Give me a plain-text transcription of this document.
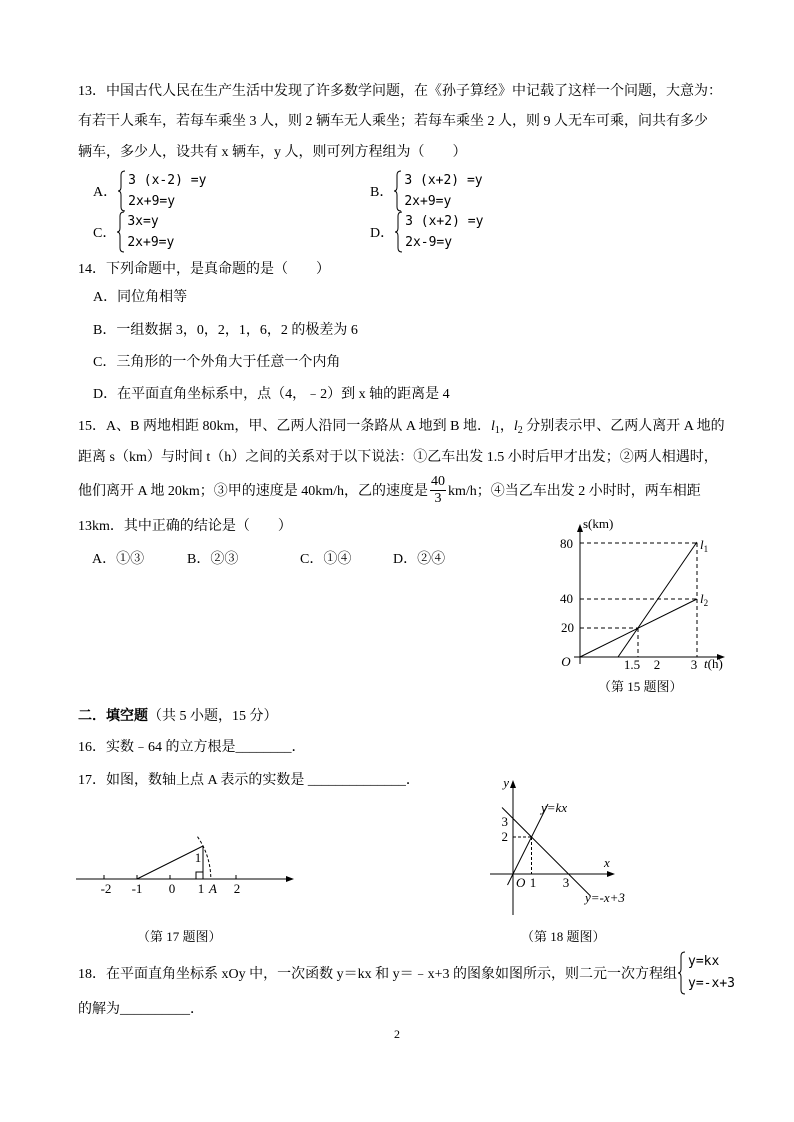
13．中国古代人民在生产生活中发现了许多数学问题，在《孙子算经》中记载了这样一个问题，大意为：
有若干人乘车，若每车乘坐 3 人，则 2 辆车无人乘坐；若每车乘坐 2 人，则 9 人无车可乘，问共有多少
辆车，多少人，设共有 x 辆车，y 人，则可列方程组为（　　）
A．
3 (x-2) =y
2x+9=y
B．
3 (x+2) =y
2x+9=y
C．
3x=y
2x+9=y
D．
3 (x+2) =y
2x-9=y
14．下列命题中，是真命题的是（　　）
A．同位角相等
B．一组数据 3，0，2，1，6，2 的极差为 6
C．三角形的一个外角大于任意一个内角
D．在平面直角坐标系中，点（4，﹣2）到 x 轴的距离是 4
15．A、B 两地相距 80km，甲、乙两人沿同一条路从 A 地到 B 地．$l_1$，$l_2$ 分别表示甲、乙两人离开 A 地的
距离 s（km）与时间 t（h）之间的关系对于以下说法：①乙车出发 1.5 小时后甲才出发；②两人相遇时，
他们离开 A 地 20km；③甲的速度是 40km/h，乙的速度是 $\frac{40}{3} km/h$；④当乙车出发 2 小时时，两车相距
13km．其中正确的结论是（　　）
A．①③	B．②③	C．①④	D．②④
s(km)
80
40
20
O	1.5 2 3 t(h)
$l_1$
$l_2$
（第 15 题图）
二．填空题（共 5 小题，15 分）
16．实数﹣64 的立方根是________．
17．如图，数轴上点 A 表示的实数是 ______________．
-2 -1 0 1 A 2
1
（第 17 题图）
y
x
y=kx
3
2
O 1 3
y=-x+3
（第 18 题图）
18．在平面直角坐标系 xOy 中，一次函数 y＝kx 和 y＝﹣x+3 的图象如图所示，则二元一次方程组
y=kx
y=-x+3
的解为__________．
2
